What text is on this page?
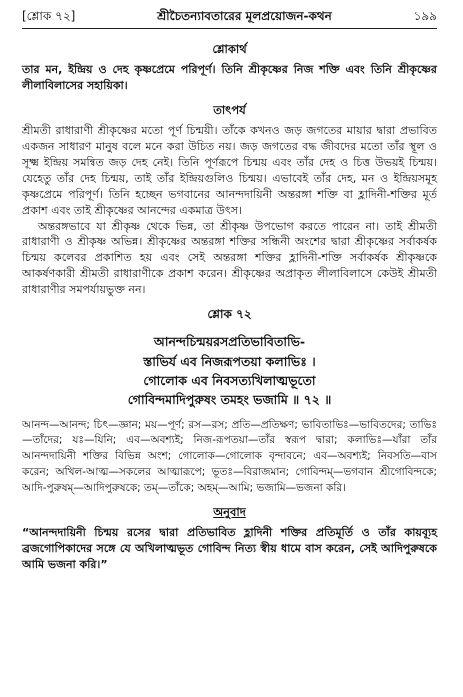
[শ্লোক ৭২]	শ্রীচৈতন্যাবতারের মূলপ্রয়োজন-কথন	১৯৯
শ্লোকার্থ

তার মন, ইন্দ্রিয় ও দেহ কৃষ্ণপ্রেমে পরিপূর্ণ। তিনি শ্রীকৃষ্ণের নিজ শক্তি এবং তিনি শ্রীকৃষ্ণের লীলাবিলাসের সহায়িকা।

তাৎপর্য

শ্রীমতী রাধারাণী শ্রীকৃষ্ণের মতো পূর্ণ চিন্ময়ী। তাঁকে কখনও জড় জগতের মায়ার দ্বারা প্রভাবিত একজন সাধারণ মানুষ বলে মনে করা উচিত নয়। জড় জগতের বদ্ধ জীবদের মতো তাঁর স্থূল ও সূক্ষ্ম ইন্দ্রিয় সমন্বিত জড় দেহ নেই। তিনি পূর্ণরূপে চিন্ময় এবং তাঁর দেহ ও চিত্ত উভয়ই চিন্ময়। যেহেতু তাঁর দেহ চিন্ময়, তাই তাঁর ইন্দ্রিয়গুলিও চিন্ময়। এভাবেই তাঁর দেহ, মন ও ইন্দ্রিয়সমূহ কৃষ্ণপ্রেমে পরিপূর্ণ। তিনি হচ্ছেন ভগবানের আনন্দদায়িনী অন্তরঙ্গা শক্তি বা হ্লাদিনী-শক্তির মূর্ত প্রকাশ এবং তাই শ্রীকৃষ্ণের আনন্দের একমাত্র উৎস।

অন্তরঙ্গভাবে যা শ্রীকৃষ্ণ থেকে ভিন্ন, তা শ্রীকৃষ্ণ উপভোগ করতে পারেন না। তাই শ্রীমতী রাধারাণী ও শ্রীকৃষ্ণ অভিন্ন। শ্রীকৃষ্ণের অন্তরঙ্গা শক্তির সন্ধিনী অংশের দ্বারা শ্রীকৃষ্ণের সর্বাকর্ষক চিন্ময় কলেবর প্রকাশিত হয় এবং সেই অন্তরঙ্গা শক্তির হ্লাদিনী-শক্তি সর্বাকর্ষক শ্রীকৃষ্ণকে আকর্ষণকারী শ্রীমতী রাধারাণীকে প্রকাশ করেন। শ্রীকৃষ্ণের অপ্রাকৃত লীলাবিলাসে কেউই শ্রীমতী রাধারাণীর সমপর্যায়ভুক্ত নন।

শ্লোক ৭২
আনন্দচিন্ময়রসপ্রতিভাবিতাভি-
স্তাভির্য এব নিজরূপতয়া কলাভিঃ ।
গোলোক এব নিবসত্যখিলাত্মভূতো
গোবিন্দমাদিপুরুষং তমহং ভজামি ॥ ৭২ ॥

আনন্দ—আনন্দ; চিৎ—জ্ঞান; ময়—পূর্ণ; রস—রস; প্রতি—প্রতিক্ষণ; ভাবিতাভিঃ—ভাবিতদের; তাভিঃ—তাঁদের; যঃ—যিনি; এব—অবশ্যই; নিজ-রূপতয়া—তাঁর স্বরূপ দ্বারা; কলাভিঃ—যাঁরা তাঁর আনন্দদায়িনী শক্তির বিভিন্ন অংশ; গোলোক—গোলোক বৃন্দাবনে; এব—অবশ্যই; নিবসতি—বাস করেন; অখিল-আত্ম—সকলের আত্মারূপে; ভূতঃ—বিরাজমান; গোবিন্দম্—ভগবান শ্রীগোবিন্দকে; আদি-পুরুষম্—আদিপুরুষকে; তম্—তাঁকে; অহম্—আমি; ভজামি—ভজনা করি।

অনুবাদ

“আনন্দদায়িনী চিন্ময় রসের দ্বারা প্রতিভাবিত হ্লাদিনী শক্তির প্রতিমূর্তি ও তাঁর কায়ব্যূহ ব্রজগোপিকাদের সঙ্গে যে অখিলাত্মভূত গোবিন্দ নিত্য স্বীয় ধামে বাস করেন, সেই আদিপুরুষকে আমি ভজনা করি।”
